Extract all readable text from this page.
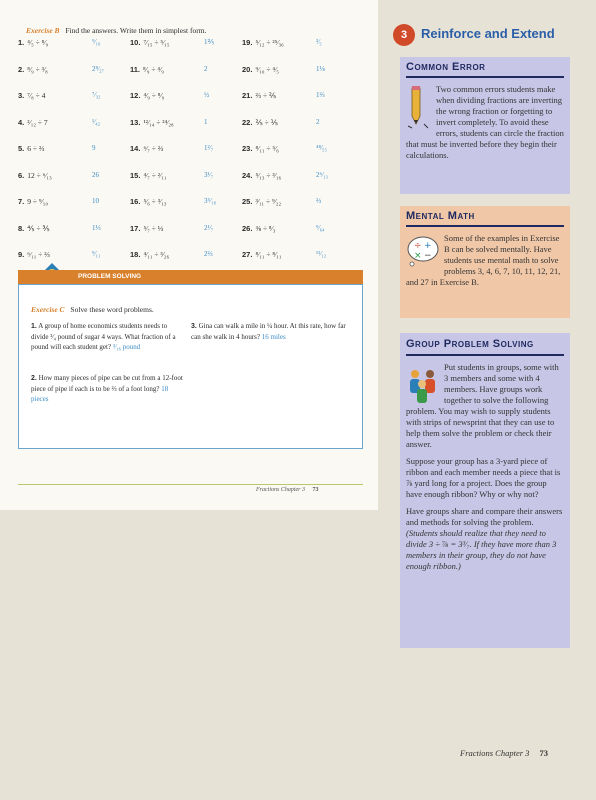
Exercise B Find the answers. Write them in simplest form.
1. ⁴⁄₅ ÷ ⁸⁄₉	⁹⁄₁₀	10. ⁷⁄₁₅ ÷ ⁵⁄₁₅	1⅖	19. ⁵⁄₁₂ ÷ ²⁵⁄₃₆	³⁄₅
2. ⁸⁄₉ ÷ ³⁄₈	2⁸⁄₂₇	11. ⁸⁄₉ ÷ ⁴⁄₉	2	20. ⁹⁄₁₀ ÷ ⁴⁄₅	1⅛
3. ⁷⁄₈ ÷ 4	⁷⁄₃₂	12. ⁴⁄₉ ÷ ⁸⁄₉	½	21. ⅔ ÷ ⅖	1⅔
4. ²⁄₁₂ ÷ 7	¹⁄₄₂	13. ¹²⁄₁₄ ÷ ²⁴⁄₂₈	1	22. ⅖ ÷ ⅕	2
5. 6 ÷ ⅔	9	14. ⁶⁄₇ ÷ ⅔	1²⁄₇	23. ⁸⁄₁₁ ÷ ⁵⁄₆	⁴⁸⁄₅₅
6. 12 ÷ ⁶⁄₁₃	26	15. ⁴⁄₇ ÷ ²⁄₁₁	3¹⁄₇	24. ⁵⁄₁₃ ÷ ³⁄₁₆	2⁶⁄₁₃
7. 9 ÷ ⁹⁄₁₀	10	16. ⁵⁄₆ ÷ ³⁄₁₃	3⁵⁄₁₈	25. ³⁄₁₁ ÷ ⁹⁄₂₂	⅔
8. ⅘ ÷ ⅗	1⅓	17. ⁵⁄₇ ÷ ⅓	2¹⁄₇	26. ⅜ ÷ ⁸⁄₃	⁹⁄₆₄
9. ⁶⁄₁₁ ÷ ⅔	⁹⁄₁₁	18. ⁴⁄₁₁ ÷ ³⁄₂₆	2⅔	27. ⁸⁄₁₁ ÷ ⁸⁄₁₁	¹¹⁄₁₂
PROBLEM SOLVING
Exercise C Solve these word problems.
1. A group of home economics students needs to divide ³⁄₄ pound of sugar 4 ways. What fraction of a pound will each student get? ³⁄₁₆ pound
2. How many pieces of pipe can be cut from a 12-foot piece of pipe if each is to be ⅔ of a foot long? 18 pieces
3. Gina can walk a mile in ¼ hour. At this rate, how far can she walk in 4 hours? 16 miles
Fractions Chapter 3 73
3	Reinforce and Extend
Common Error
Two common errors students make when dividing fractions are inverting the wrong fraction or forgetting to invert completely. To avoid these errors, students can circle the fraction that must be inverted before they begin their calculations.
Mental Math
÷ +
× −
Some of the examples in Exercise B can be solved mentally. Have students use mental math to solve problems 3, 4, 6, 7, 10, 11, 12, 21, and 27 in Exercise B.
Group Problem Solving
Put students in groups, some with 3 members and some with 4 members. Have groups work together to solve the following problem. You may wish to supply students with strips of newsprint that they can use to help them solve the problem or check their answer.
Suppose your group has a 3-yard piece of ribbon and each member needs a piece that is ⅞ yard long for a project. Does the group have enough ribbon? Why or why not?
Have groups share and compare their answers and methods for solving the problem. (Students should realize that they need to divide 3 ÷ ⅞ = 3³⁄₇. If they have more than 3 members in their group, they do not have enough ribbon.)
Fractions Chapter 3 73
